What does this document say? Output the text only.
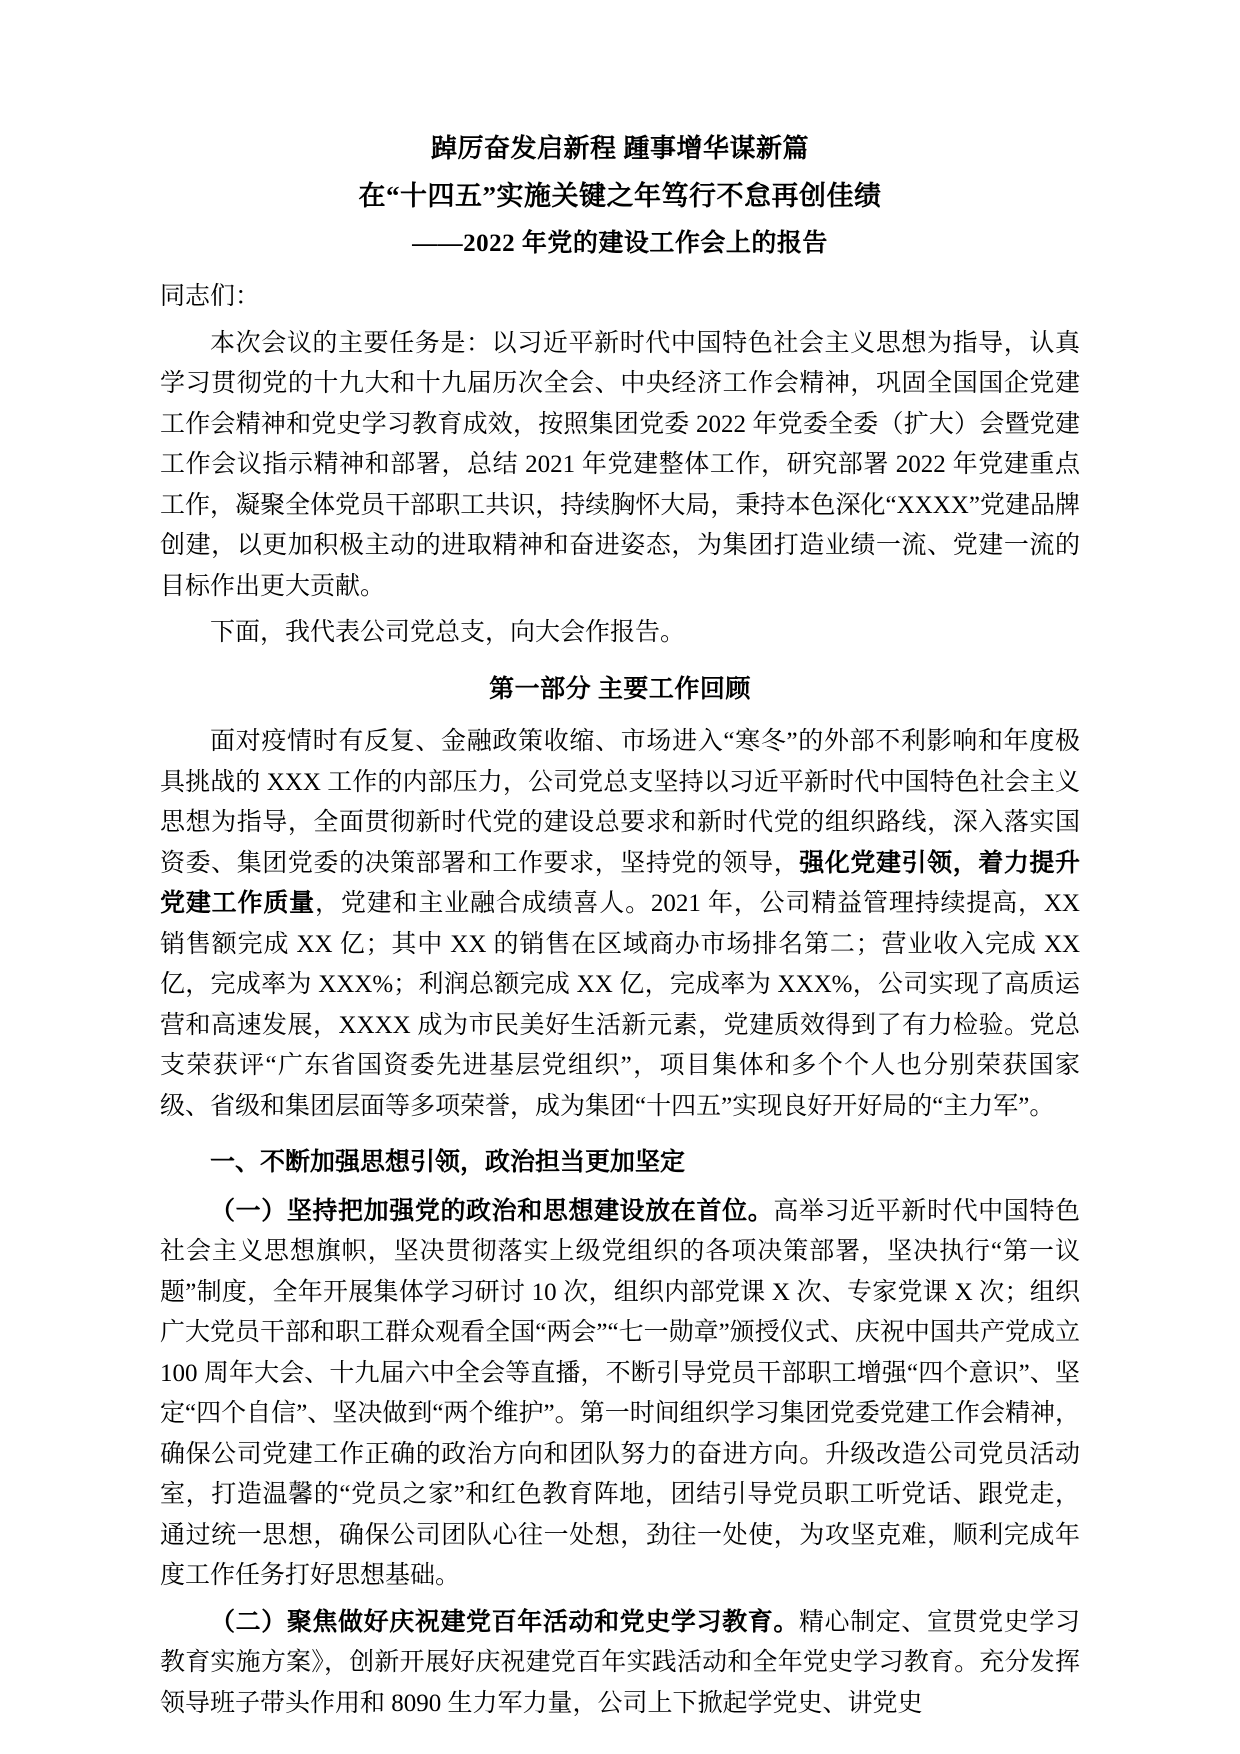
踔厉奋发启新程 踵事增华谋新篇
在“十四五”实施关键之年笃行不怠再创佳绩
——2022 年党的建设工作会上的报告
同志们：

本次会议的主要任务是：以习近平新时代中国特色社会主义思想为指导，认真学习贯彻党的十九大和十九届历次全会、中央经济工作会精神，巩固全国国企党建工作会精神和党史学习教育成效，按照集团党委 2022 年党委全委（扩大）会暨党建工作会议指示精神和部署，总结 2021 年党建整体工作，研究部署 2022 年党建重点工作，凝聚全体党员干部职工共识，持续胸怀大局，秉持本色深化“XXXX”党建品牌创建，以更加积极主动的进取精神和奋进姿态，为集团打造业绩一流、党建一流的目标作出更大贡献。

下面，我代表公司党总支，向大会作报告。

第一部分 主要工作回顾

面对疫情时有反复、金融政策收缩、市场进入“寒冬”的外部不利影响和年度极具挑战的 XXX 工作的内部压力，公司党总支坚持以习近平新时代中国特色社会主义思想为指导，全面贯彻新时代党的建设总要求和新时代党的组织路线，深入落实国资委、集团党委的决策部署和工作要求，坚持党的领导，强化党建引领，着力提升党建工作质量，党建和主业融合成绩喜人。2021 年，公司精益管理持续提高，XX 销售额完成 XX 亿；其中 XX 的销售在区域商办市场排名第二；营业收入完成 XX 亿，完成率为 XXX%；利润总额完成 XX 亿，完成率为 XXX%，公司实现了高质运营和高速发展，XXXX 成为市民美好生活新元素，党建质效得到了有力检验。党总支荣获评“广东省国资委先进基层党组织”，项目集体和多个个人也分别荣获国家级、省级和集团层面等多项荣誉，成为集团“十四五”实现良好开好局的“主力军”。

一、不断加强思想引领，政治担当更加坚定

（一）坚持把加强党的政治和思想建设放在首位。高举习近平新时代中国特色社会主义思想旗帜，坚决贯彻落实上级党组织的各项决策部署，坚决执行“第一议题”制度，全年开展集体学习研讨 10 次，组织内部党课 X 次、专家党课 X 次；组织广大党员干部和职工群众观看全国“两会”“七一勋章”颁授仪式、庆祝中国共产党成立 100 周年大会、十九届六中全会等直播，不断引导党员干部职工增强“四个意识”、坚定“四个自信”、坚决做到“两个维护”。第一时间组织学习集团党委党建工作会精神，确保公司党建工作正确的政治方向和团队努力的奋进方向。升级改造公司党员活动室，打造温馨的“党员之家”和红色教育阵地，团结引导党员职工听党话、跟党走，通过统一思想，确保公司团队心往一处想，劲往一处使，为攻坚克难，顺利完成年度工作任务打好思想基础。

（二）聚焦做好庆祝建党百年活动和党史学习教育。精心制定、宣贯党史学习教育实施方案》，创新开展好庆祝建党百年实践活动和全年党史学习教育。充分发挥领导班子带头作用和 8090 生力军力量，公司上下掀起学党史、讲党史
